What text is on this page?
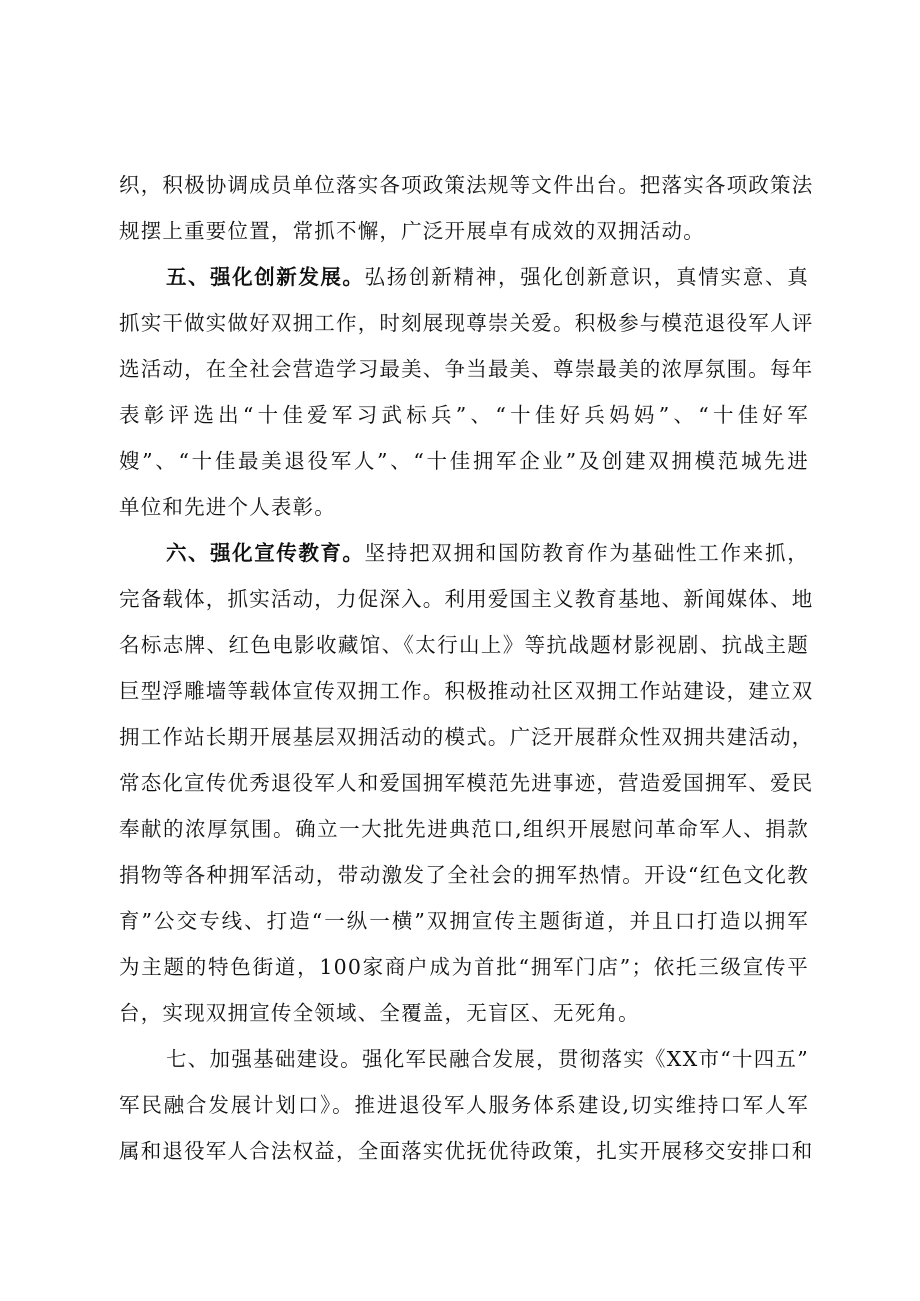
织，积极协调成员单位落实各项政策法规等文件出台。把落实各项政策法
规摆上重要位置，常抓不懈，广泛开展卓有成效的双拥活动。
五、强化创新发展。弘扬创新精神，强化创新意识，真情实意、真
抓实干做实做好双拥工作，时刻展现尊崇关爱。积极参与模范退役军人评
选活动，在全社会营造学习最美、争当最美、尊崇最美的浓厚氛围。每年
表彰评选出“十佳爱军习武标兵”、“十佳好兵妈妈”、“十佳好军
嫂”、“十佳最美退役军人”、“十佳拥军企业”及创建双拥模范城先进
单位和先进个人表彰。
六、强化宣传教育。坚持把双拥和国防教育作为基础性工作来抓，
完备载体，抓实活动，力促深入。利用爱国主义教育基地、新闻媒体、地
名标志牌、红色电影收藏馆、《太行山上》等抗战题材影视剧、抗战主题
巨型浮雕墙等载体宣传双拥工作。积极推动社区双拥工作站建设，建立双
拥工作站长期开展基层双拥活动的模式。广泛开展群众性双拥共建活动，
常态化宣传优秀退役军人和爱国拥军模范先进事迹，营造爱国拥军、爱民
奉献的浓厚氛围。确立一大批先进典范口,组织开展慰问革命军人、捐款
捐物等各种拥军活动，带动激发了全社会的拥军热情。开设“红色文化教
育”公交专线、打造“一纵一横”双拥宣传主题街道，并且口打造以拥军
为主题的特色街道，100家商户成为首批“拥军门店”；依托三级宣传平
台，实现双拥宣传全领域、全覆盖，无盲区、无死角。
七、加强基础建设。强化军民融合发展，贯彻落实《XX市“十四五”
军民融合发展计划口》。推进退役军人服务体系建设,切实维持口军人军
属和退役军人合法权益，全面落实优抚优待政策，扎实开展移交安排口和
